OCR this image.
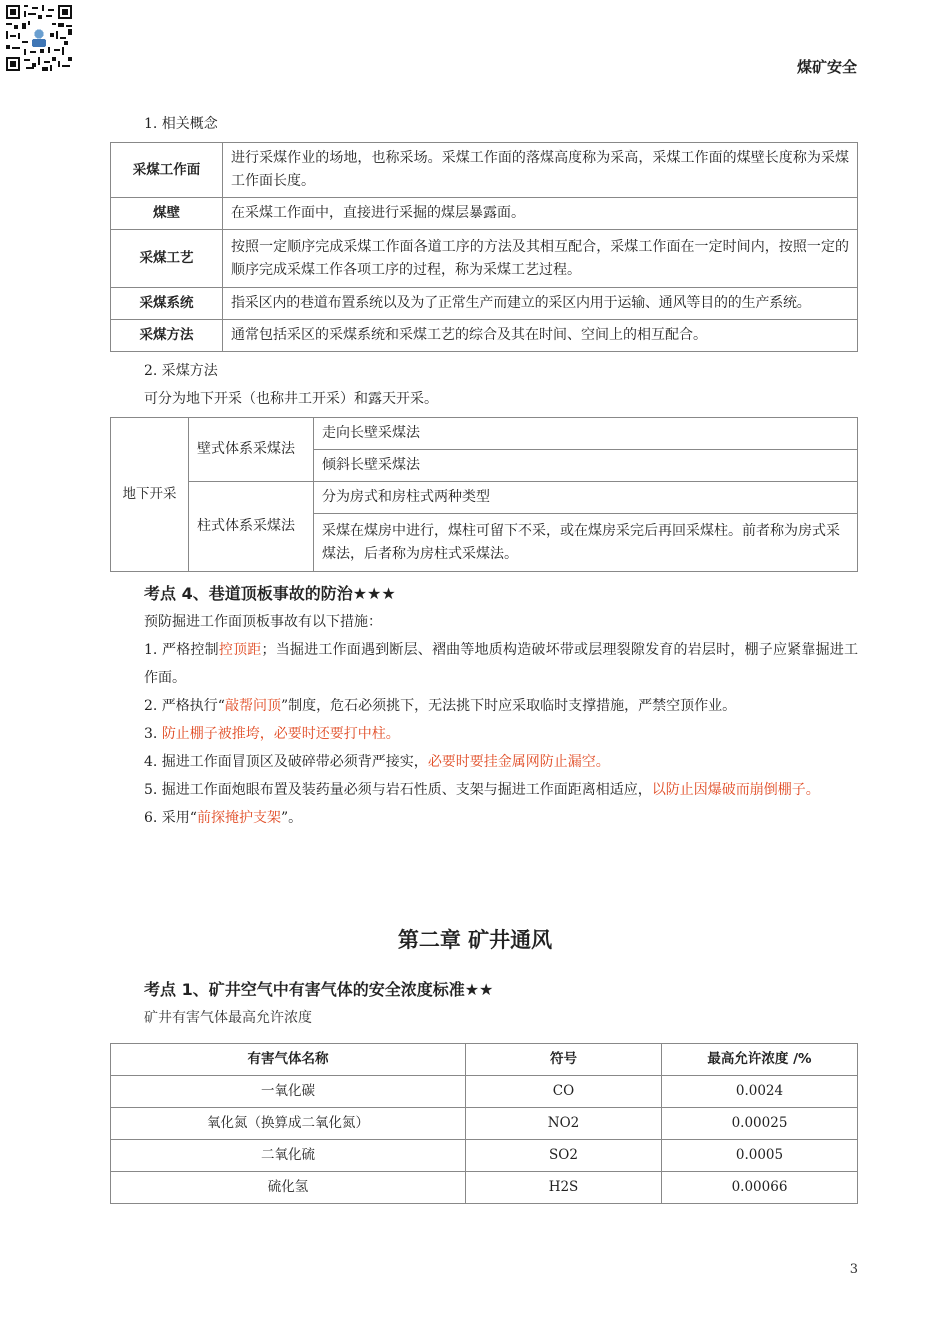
煤矿安全

1. 相关概念

采煤工作面	进行采煤作业的场地，也称采场。采煤工作面的落煤高度称为采高，采煤工作面的煤壁长度称为采煤工作面长度。
煤壁	在采煤工作面中，直接进行采掘的煤层暴露面。
采煤工艺	按照一定顺序完成采煤工作面各道工序的方法及其相互配合，采煤工作面在一定时间内，按照一定的顺序完成采煤工作各项工序的过程，称为采煤工艺过程。
采煤系统	指采区内的巷道布置系统以及为了正常生产而建立的采区内用于运输、通风等目的的生产系统。
采煤方法	通常包括采区的采煤系统和采煤工艺的综合及其在时间、空间上的相互配合。

2. 采煤方法

可分为地下开采（也称井工开采）和露天开采。

地下开采	壁式体系采煤法	走向长壁采煤法
		倾斜长壁采煤法
	柱式体系采煤法	分为房式和房柱式两种类型
		采煤在煤房中进行，煤柱可留下不采，或在煤房采完后再回采煤柱。前者称为房式采煤法，后者称为房柱式采煤法。

考点 4、巷道顶板事故的防治★★★

预防掘进工作面顶板事故有以下措施：

1. 严格控制控顶距；当掘进工作面遇到断层、褶曲等地质构造破坏带或层理裂隙发育的岩层时，棚子应紧靠掘进工作面。

2. 严格执行“敲帮问顶”制度，危石必须挑下，无法挑下时应采取临时支撑措施，严禁空顶作业。

3. 防止棚子被推垮，必要时还要打中柱。

4. 掘进工作面冒顶区及破碎带必须背严接实，必要时要挂金属网防止漏空。

5. 掘进工作面炮眼布置及装药量必须与岩石性质、支架与掘进工作面距离相适应，以防止因爆破而崩倒棚子。

6. 采用“前探掩护支架”。

第二章 矿井通风

考点 1、矿井空气中有害气体的安全浓度标准★★

矿井有害气体最高允许浓度

有害气体名称	符号	最高允许浓度 /%
一氧化碳	CO	0.0024
氧化氮（换算成二氧化氮）	NO2	0.00025
二氧化硫	SO2	0.0005
硫化氢	H2S	0.00066
3
